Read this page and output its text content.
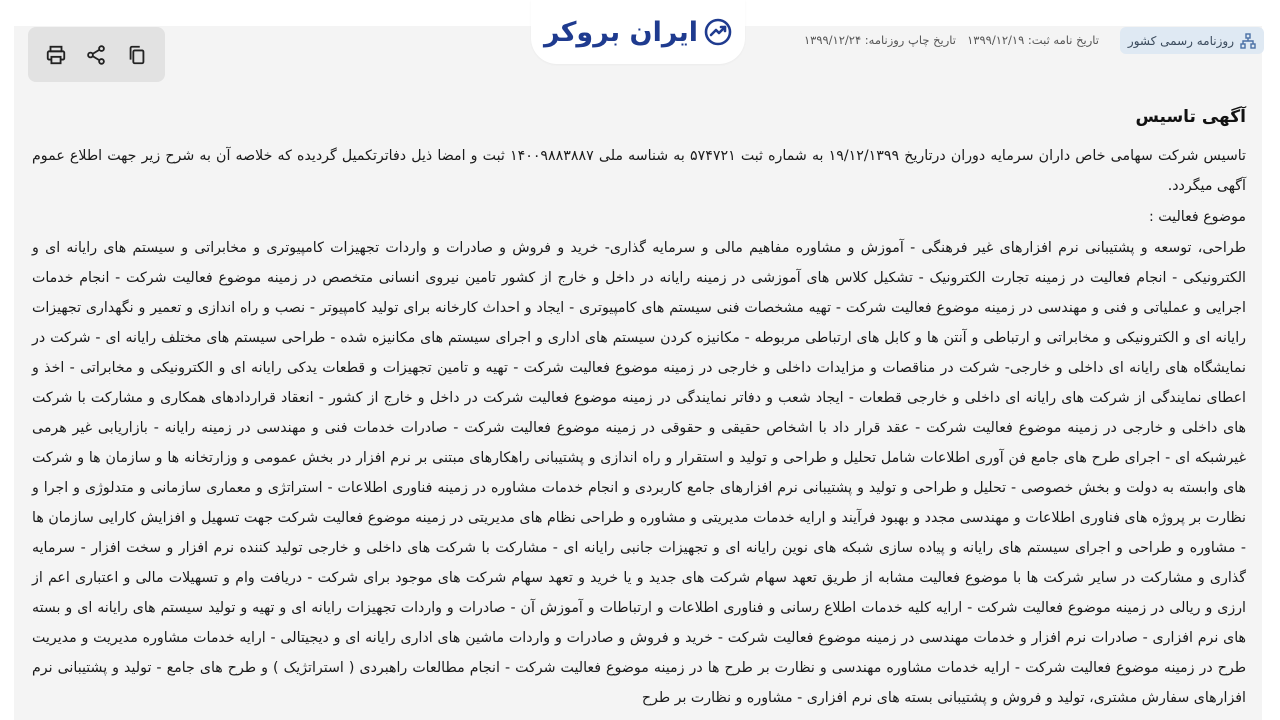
ایران بروکر	روزنامه رسمی کشور
تاریخ نامه ثبت: ۱۳۹۹/۱۲/۱۹
تاریخ چاپ روزنامه: ۱۳۹۹/۱۲/۲۴
آگهی تاسیس
تاسیس شرکت سهامی خاص داران سرمایه دوران درتاریخ ۱۹/۱۲/۱۳۹۹ به شماره ثبت ۵۷۴۷۲۱ به شناسه ملی ۱۴۰۰۹۸۸۳۸۸۷ ثبت و امضا ذیل دفاترتکمیل گردیده که خلاصه آن به شرح زیر جهت اطلاع عموم آگهی میگردد.
موضوع فعالیت :
طراحی، توسعه و پشتیبانی نرم افزارهای غیر فرهنگی - آموزش و مشاوره مفاهیم مالی و سرمایه گذاری- خرید و فروش و صادرات و واردات تجهیزات کامپیوتری و مخابراتی و سیستم های رایانه ای و الکترونیکی - انجام فعالیت در زمینه تجارت الکترونیک - تشکیل کلاس های آموزشی در زمینه رایانه در داخل و خارج از کشور تامین نیروی انسانی متخصص در زمینه موضوع فعالیت شرکت - انجام خدمات اجرایی و عملیاتی و فنی و مهندسی در زمینه موضوع فعالیت شرکت - تهیه مشخصات فنی سیستم های کامپیوتری - ایجاد و احداث کارخانه برای تولید کامپیوتر - نصب و راه اندازی و تعمیر و نگهداری تجهیزات رایانه ای و الکترونیکی و مخابراتی و ارتباطی و آنتن ها و کابل های ارتباطی مربوطه - مکانیزه کردن سیستم های اداری و اجرای سیستم های مکانیزه شده - طراحی سیستم های مختلف رایانه ای - شرکت در نمایشگاه های رایانه ای داخلی و خارجی- شرکت در مناقصات و مزایدات داخلی و خارجی در زمینه موضوع فعالیت شرکت - تهیه و تامین تجهیزات و قطعات یدکی رایانه ای و الکترونیکی و مخابراتی - اخذ و اعطای نمایندگی از شرکت های رایانه ای داخلی و خارجی قطعات - ایجاد شعب و دفاتر نمایندگی در زمینه موضوع فعالیت شرکت در داخل و خارج از کشور - انعقاد قراردادهای همکاری و مشارکت با شرکت های داخلی و خارجی در زمینه موضوع فعالیت شرکت - عقد قرار داد با اشخاص حقیقی و حقوقی در زمینه موضوع فعالیت شرکت - صادرات خدمات فنی و مهندسی در زمینه رایانه - بازاریابی غیر هرمی غیرشبکه ای - اجرای طرح های جامع فن آوری اطلاعات شامل تحلیل و طراحی و تولید و استقرار و راه اندازی و پشتیبانی راهکارهای مبتنی بر نرم افزار در بخش عمومی و وزارتخانه ها و سازمان ها و شرکت های وابسته به دولت و بخش خصوصی - تحلیل و طراحی و تولید و پشتیبانی نرم افزارهای جامع کاربردی و انجام خدمات مشاوره در زمینه فناوری اطلاعات - استراتژی و معماری سازمانی و متدلوژی و اجرا و نظارت بر پروژه های فناوری اطلاعات و مهندسی مجدد و بهبود فرآیند و ارایه خدمات مدیریتی و مشاوره و طراحی نظام های مدیریتی در زمینه موضوع فعالیت شرکت جهت تسهیل و افزایش کارایی سازمان ها - مشاوره و طراحی و اجرای سیستم های رایانه و پیاده سازی شبکه های نوین رایانه ای و تجهیزات جانبی رایانه ای - مشارکت با شرکت های داخلی و خارجی تولید کننده نرم افزار و سخت افزار - سرمایه گذاری و مشارکت در سایر شرکت ها با موضوع فعالیت مشابه از طریق تعهد سهام شرکت های جدید و یا خرید و تعهد سهام شرکت های موجود برای شرکت - دریافت وام و تسهیلات مالی و اعتباری اعم از ارزی و ریالی در زمینه موضوع فعالیت شرکت - ارایه کلیه خدمات اطلاع رسانی و فناوری اطلاعات و ارتباطات و آموزش آن - صادرات و واردات تجهیزات رایانه ای و تهیه و تولید سیستم های رایانه ای و بسته های نرم افزاری - صادرات نرم افزار و خدمات مهندسی در زمینه موضوع فعالیت شرکت - خرید و فروش و صادرات و واردات ماشین های اداری رایانه ای و دیجیتالی - ارایه خدمات مشاوره مدیریت و مدیریت طرح در زمینه موضوع فعالیت شرکت - ارایه خدمات مشاوره مهندسی و نظارت بر طرح ها در زمینه موضوع فعالیت شرکت - انجام مطالعات راهبردی ( استراتژیک ) و طرح های جامع - تولید و پشتیبانی نرم افزارهای سفارش مشتری، تولید و فروش و پشتیبانی بسته های نرم افزاری - مشاوره و نظارت بر طرح
